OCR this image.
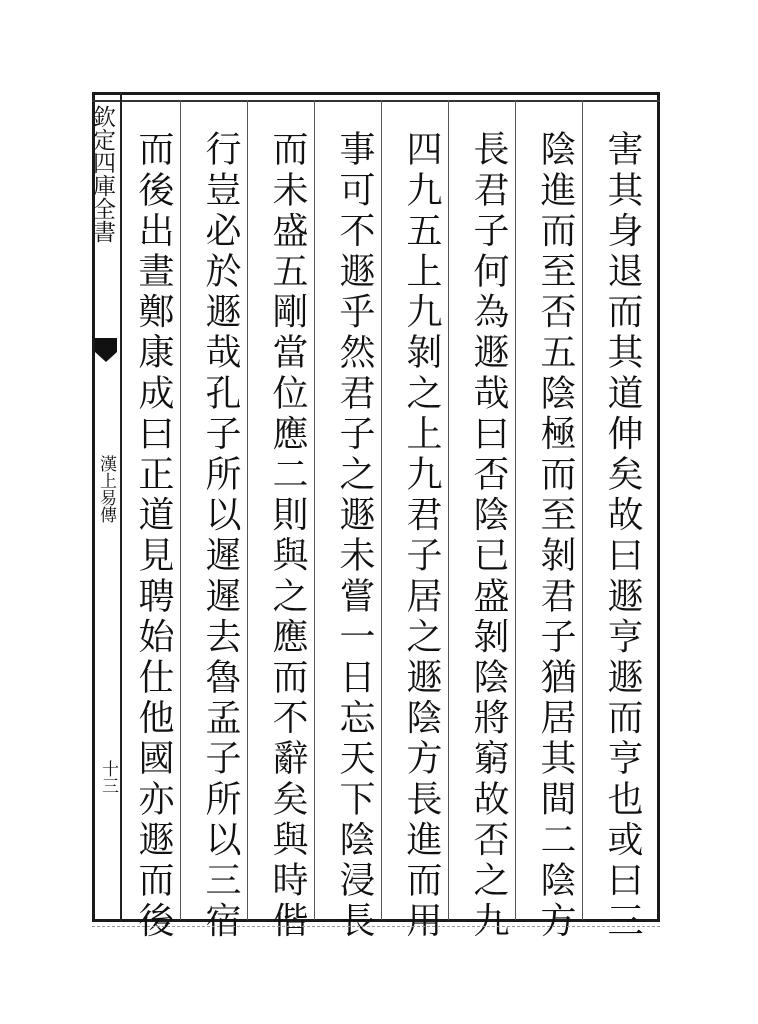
欽定四庫全書
漢上易傳
十三	害其身退而其道伸矣故曰遯亨遯而亨也或曰三
陰進而至否五陰極而至剝君子猶居其間二陰方
長君子何為遯哉曰否陰已盛剝陰將窮故否之九
四九五上九剝之上九君子居之遯陰方長進而用
事可不遯乎然君子之遯未嘗一日忘天下陰浸長
而未盛五剛當位應二則與之應而不辭矣與時偕
行豈必於遯哉孔子所以遲遲去魯孟子所以三宿
而後出晝鄭康成曰正道見聘始仕他國亦遯而後
